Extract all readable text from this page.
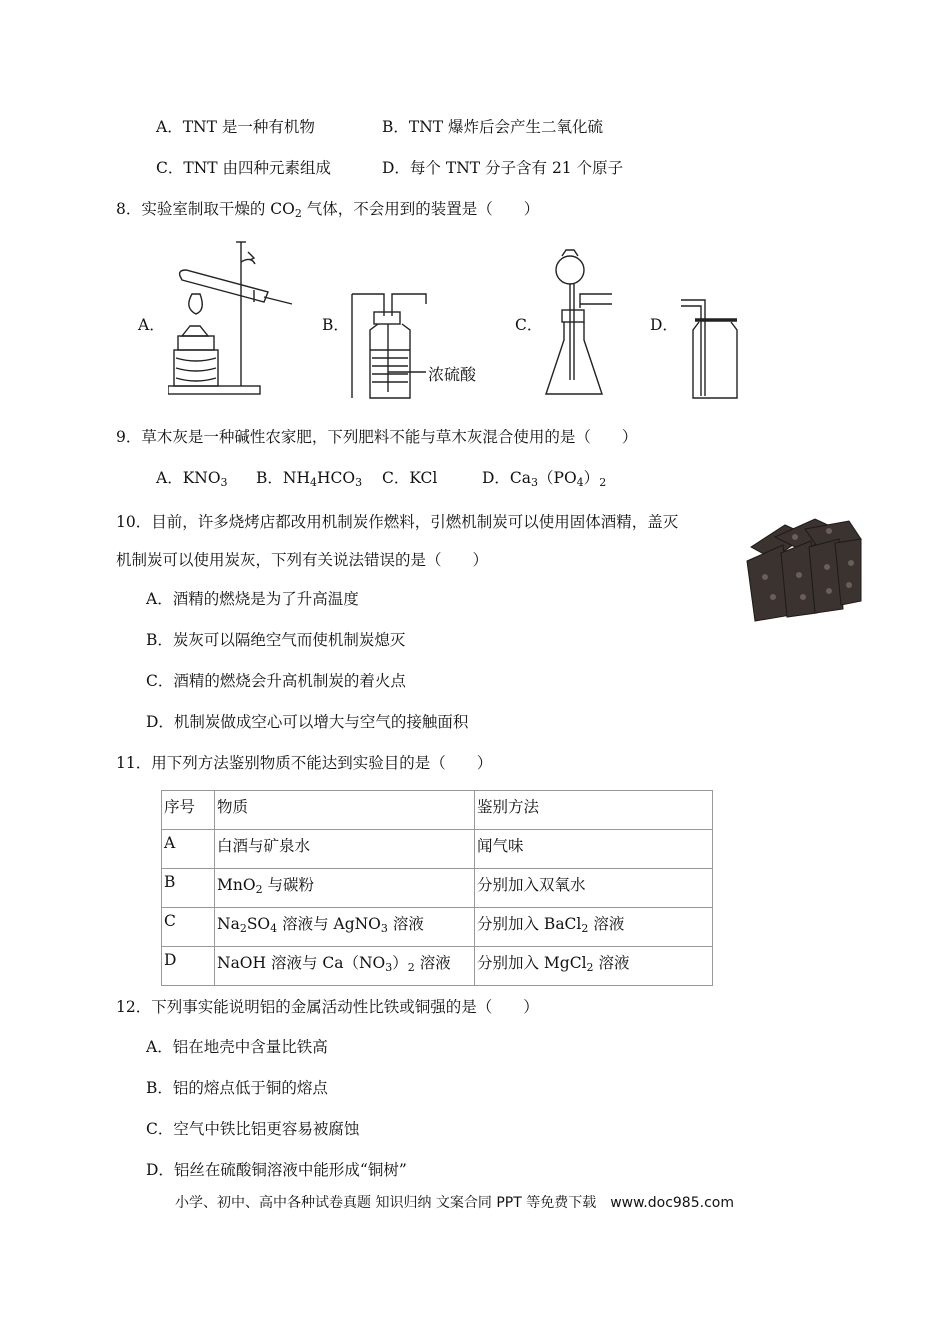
A．TNT 是一种有机物	B．TNT 爆炸后会产生二氧化硫
C．TNT 由四种元素组成	D．每个 TNT 分子含有 21 个原子
8．实验室制取干燥的 $CO_2$ 气体，不会用到的装置是（　　）
A．	B．	C．	D．
浓硫酸
9．草木灰是一种碱性农家肥，下列肥料不能与草木灰混合使用的是（　　）
A．$KNO_3$ B．$NH_4HCO_3$ C．KCl	D．$Ca_3(PO_4)_2$
10．目前，许多烧烤店都改用机制炭作燃料，引燃机制炭可以使用固体酒精，盖灭
机制炭可以使用炭灰，下列有关说法错误的是（　　）
A．酒精的燃烧是为了升高温度
B．炭灰可以隔绝空气而使机制炭熄灭
C．酒精的燃烧会升高机制炭的着火点
D．机制炭做成空心可以增大与空气的接触面积
11．用下列方法鉴别物质不能达到实验目的是（　　）
序号	物质	鉴别方法
A	白酒与矿泉水	闻气味
B	MnO$_2$ 与碳粉	分别加入双氧水
C	$Na_2SO_4$ 溶液与 AgNO$_3$ 溶液	分别加入 BaCl$_2$ 溶液
D	NaOH 溶液与 $Ca(NO_3)_2$ 溶液	分别加入 MgCl$_2$ 溶液
12．下列事实能说明铝的金属活动性比铁或铜强的是（　　）
A．铝在地壳中含量比铁高
B．铝的熔点低于铜的熔点
C．空气中铁比铝更容易被腐蚀
D．铝丝在硫酸铜溶液中能形成“铜树”
小学、初中、高中各种试卷真题 知识归纳 文案合同 PPT 等免费下载　www.doc985.com
